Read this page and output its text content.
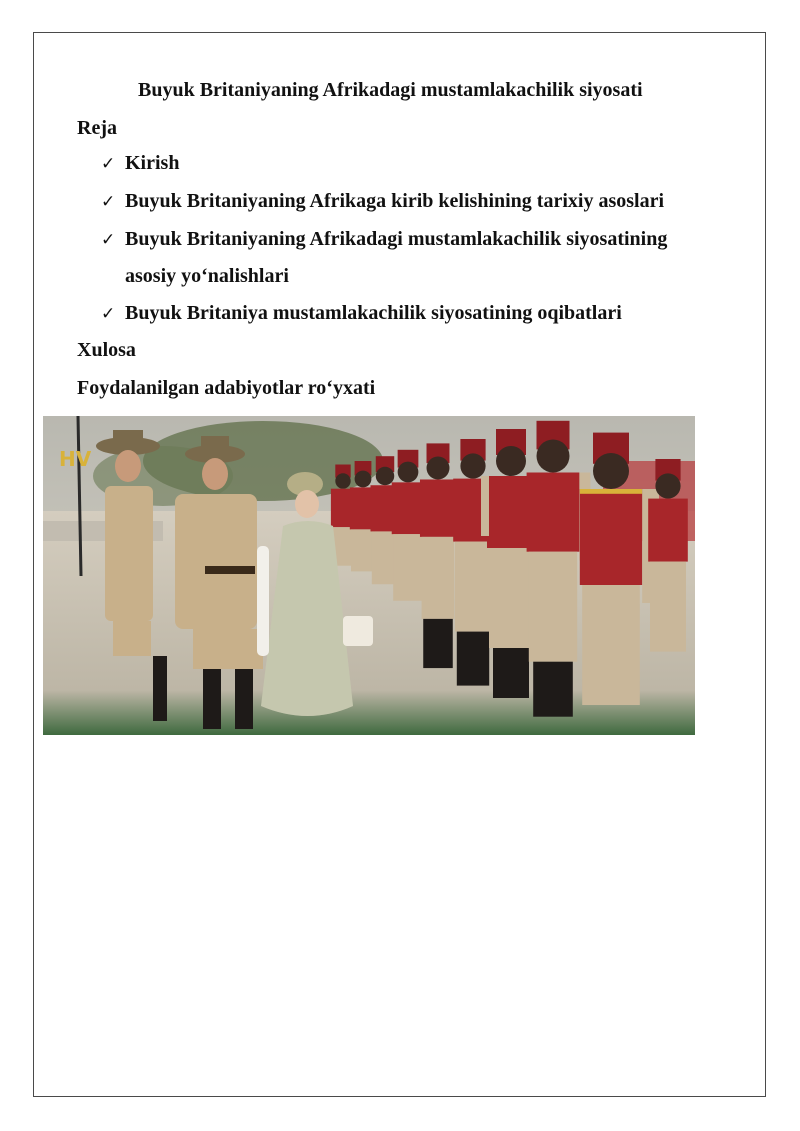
Buyuk Britaniyaning Afrikadagi mustamlakachilik siyosati
Reja
✓ Kirish
✓ Buyuk Britaniyaning Afrikaga kirib kelishining tarixiy asoslari
✓ Buyuk Britaniyaning Afrikadagi mustamlakachilik siyosatining
asosiy yo‘nalishlari
✓ Buyuk Britaniya mustamlakachilik siyosatining oqibatlari
Xulosa
Foydalanilgan adabiyotlar ro‘yxati
HV
